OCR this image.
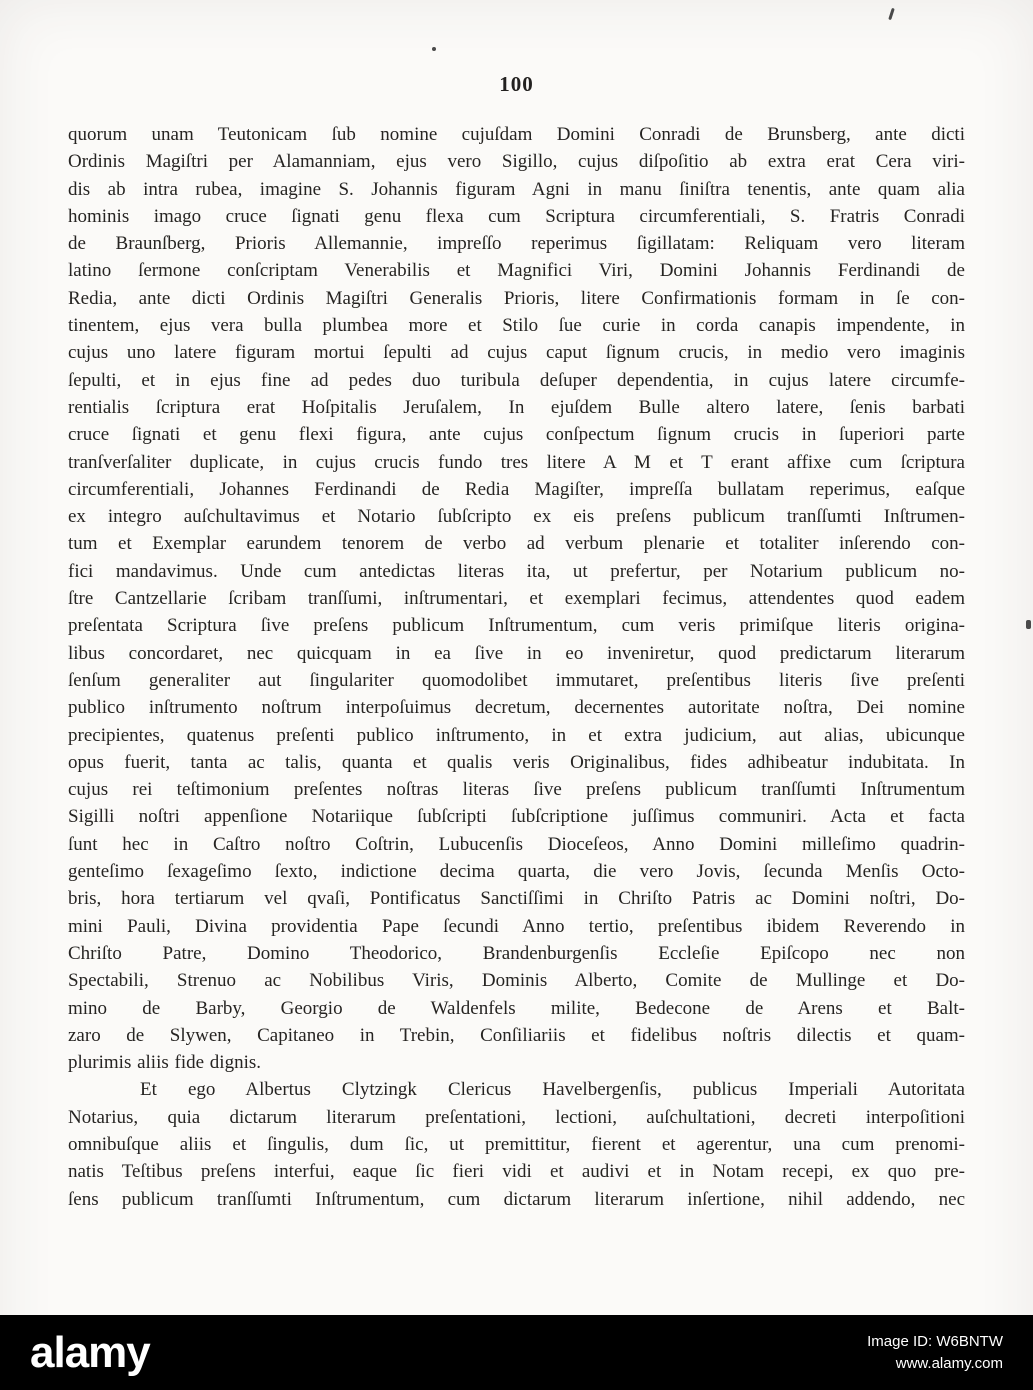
100
quorum unam Teutonicam ſub nomine cujuſdam Domini Conradi de Brunsberg, ante dicti
Ordinis Magiſtri per Alamanniam, ejus vero Sigillo, cujus diſpoſitio ab extra erat Cera viri-
dis ab intra rubea, imagine S. Johannis figuram Agni in manu ſiniſtra tenentis, ante quam alia
hominis imago cruce ſignati genu flexa cum Scriptura circumferentiali, S. Fratris Conradi
de Braunſberg, Prioris Allemannie, impreſſo reperimus ſigillatam: Reliquam vero literam
latino ſermone conſcriptam Venerabilis et Magnifici Viri, Domini Johannis Ferdinandi de
Redia, ante dicti Ordinis Magiſtri Generalis Prioris, litere Confirmationis formam in ſe con-
tinentem, ejus vera bulla plumbea more et Stilo ſue curie in corda canapis impendente, in
cujus uno latere figuram mortui ſepulti ad cujus caput ſignum crucis, in medio vero imaginis
ſepulti, et in ejus fine ad pedes duo turibula deſuper dependentia, in cujus latere circumfe-
rentialis ſcriptura erat Hoſpitalis Jeruſalem, In ejuſdem Bulle altero latere, ſenis barbati
cruce ſignati et genu flexi figura, ante cujus conſpectum ſignum crucis in ſuperiori parte
tranſverſaliter duplicate, in cujus crucis fundo tres litere A M et T erant affixe cum ſcriptura
circumferentiali, Johannes Ferdinandi de Redia Magiſter, impreſſa bullatam reperimus, eaſque
ex integro auſchultavimus et Notario ſubſcripto ex eis preſens publicum tranſſumti Inſtrumen-
tum et Exemplar earundem tenorem de verbo ad verbum plenarie et totaliter inſerendo con-
fici mandavimus. Unde cum antedictas literas ita, ut prefertur, per Notarium publicum no-
ſtre Cantzellarie ſcribam tranſſumi, inſtrumentari, et exemplari fecimus, attendentes quod eadem
preſentata Scriptura ſive preſens publicum Inſtrumentum, cum veris primiſque literis origina-
libus concordaret, nec quicquam in ea ſive in eo inveniretur, quod predictarum literarum
ſenſum generaliter aut ſingulariter quomodolibet immutaret, preſentibus literis ſive preſenti
publico inſtrumento noſtrum interpoſuimus decretum, decernentes autoritate noſtra, Dei nomine
precipientes, quatenus preſenti publico inſtrumento, in et extra judicium, aut alias, ubicunque
opus fuerit, tanta ac talis, quanta et qualis veris Originalibus, fides adhibeatur indubitata. In
cujus rei teſtimonium preſentes noſtras literas ſive preſens publicum tranſſumti Inſtrumentum
Sigilli noſtri appenſione Notariique ſubſcripti ſubſcriptione juſſimus communiri. Acta et facta
ſunt hec in Caſtro noſtro Coſtrin, Lubucenſis Dioceſeos, Anno Domini milleſimo quadrin-
genteſimo ſexageſimo ſexto, indictione decima quarta, die vero Jovis, ſecunda Menſis Octo-
bris, hora tertiarum vel qvaſi, Pontificatus Sanctiſſimi in Chriſto Patris ac Domini noſtri, Do-
mini Pauli, Divina providentia Pape ſecundi Anno tertio, preſentibus ibidem Reverendo in
Chriſto Patre, Domino Theodorico, Brandenburgenſis Eccleſie Epiſcopo nec non
Spectabili, Strenuo ac Nobilibus Viris, Dominis Alberto, Comite de Mullinge et Do-
mino de Barby, Georgio de Waldenfels milite, Bedecone de Arens et Balt-
zaro de Slywen, Capitaneo in Trebin, Conſiliariis et fidelibus noſtris dilectis et quam-
plurimis aliis fide dignis.
Et ego Albertus Clytzingk Clericus Havelbergenſis, publicus Imperiali Autoritata
Notarius, quia dictarum literarum preſentationi, lectioni, auſchultationi, decreti interpoſitioni
omnibuſque aliis et ſingulis, dum ſic, ut premittitur, fierent et agerentur, una cum prenomi-
natis Teſtibus preſens interfui, eaque ſic fieri vidi et audivi et in Notam recepi, ex quo pre-
ſens publicum tranſſumti Inſtrumentum, cum dictarum literarum inſertione, nihil addendo, nec
alamy	Image ID: W6BNTW
www.alamy.com
